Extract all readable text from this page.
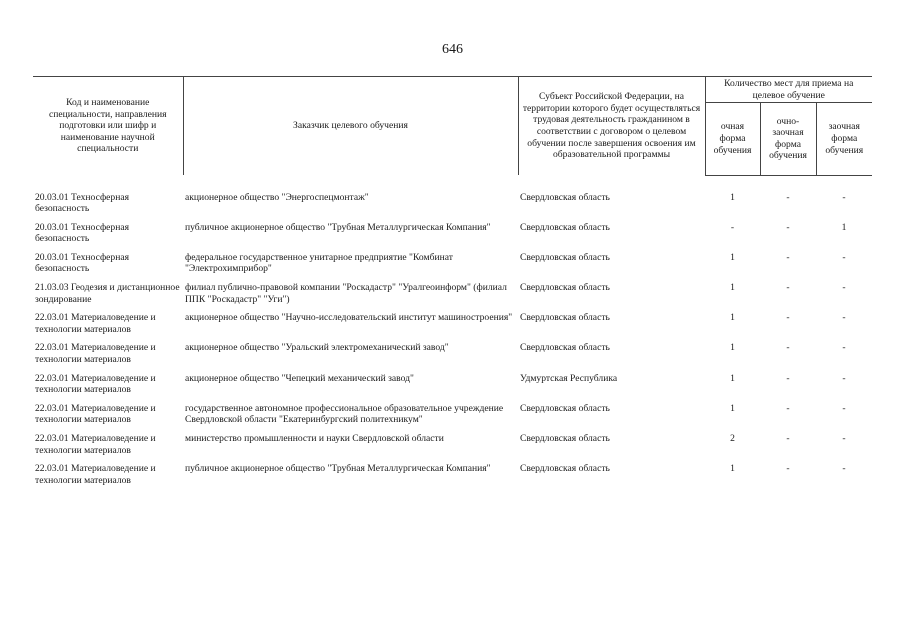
646
Код и наименование специальности, направления подготовки или шифр и наименование научной специальности	Заказчик целевого обучения	Субъект Российской Федерации, на территории которого будет осуществляться трудовая деятельность гражданином в соответствии с договором о целевом обучении после завершения освоения им образовательной программы	Количество мест для приема на целевое обучение		
			очная форма обучения	очно-заочная форма обучения	заочная форма обучения

20.03.01 Техносферная безопасность	акционерное общество "Энергоспецмонтаж"	Свердловская область	1	-	-
20.03.01 Техносферная безопасность	публичное акционерное общество "Трубная Металлургическая Компания"	Свердловская область	-	-	1
20.03.01 Техносферная безопасность	федеральное государственное унитарное предприятие "Комбинат "Электрохимприбор"	Свердловская область	1	-	-
21.03.03 Геодезия и дистанционное зондирование	филиал публично-правовой компании "Роскадастр" "Уралгеоинформ" (филиал ППК "Роскадастр" "Уги")	Свердловская область	1	-	-
22.03.01 Материаловедение и технологии материалов	акционерное общество "Научно-исследовательский институт машиностроения"	Свердловская область	1	-	-
22.03.01 Материаловедение и технологии материалов	акционерное общество "Уральский электромеханический завод"	Свердловская область	1	-	-
22.03.01 Материаловедение и технологии материалов	акционерное общество "Чепецкий механический завод"	Удмуртская Республика	1	-	-
22.03.01 Материаловедение и технологии материалов	государственное автономное профессиональное образовательное учреждение Свердловской области "Екатеринбургский политехникум"	Свердловская область	1	-	-
22.03.01 Материаловедение и технологии материалов	министерство промышленности и науки Свердловской области	Свердловская область	2	-	-
22.03.01 Материаловедение и технологии материалов	публичное акционерное общество "Трубная Металлургическая Компания"	Свердловская область	1	-	-
